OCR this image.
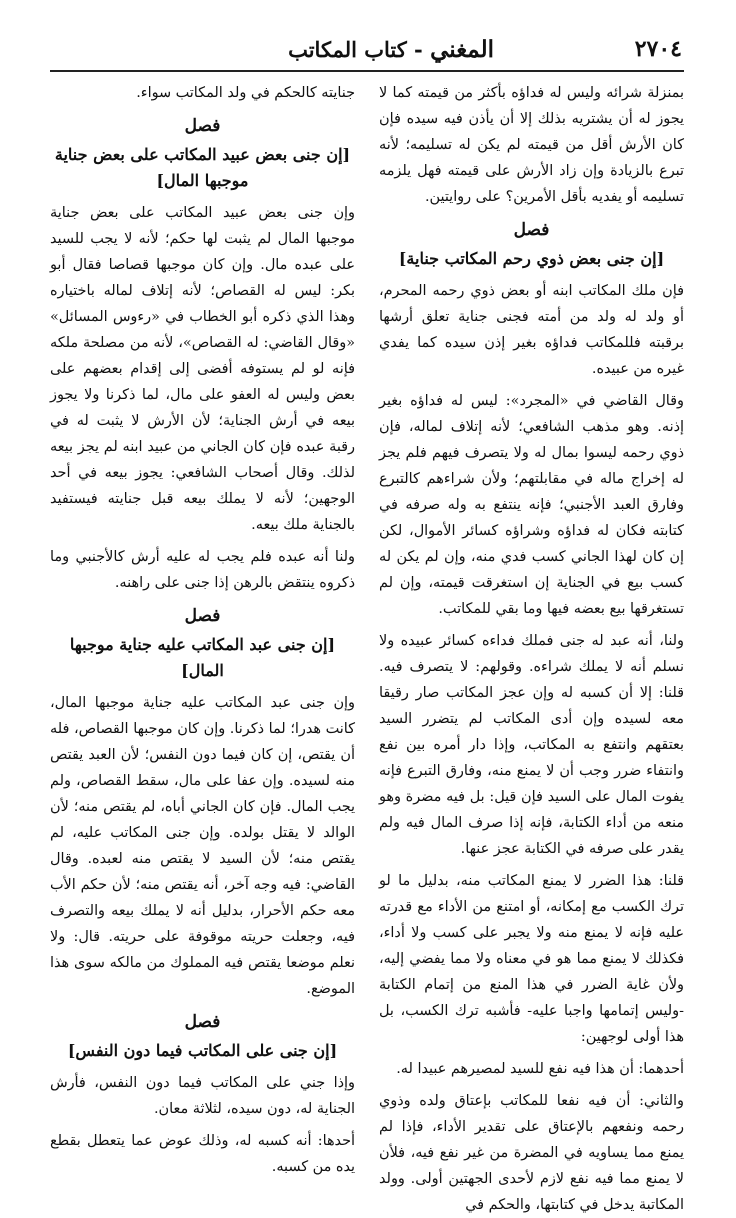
المغني - كتاب المكاتب	٢٧٠٤

بمنزلة شرائه وليس له فداؤه بأكثر من قيمته كما لا يجوز له أن يشتريه بذلك إلا أن يأذن فيه سيده فإن كان الأرش أقل من قيمته لم يكن له تسليمه؛ لأنه تبرع بالزيادة وإن زاد الأرش على قيمته فهل يلزمه تسليمه أو يفديه بأقل الأمرين؟ على روايتين.

فصل
[إن جنى بعض ذوي رحم المكاتب جناية]

فإن ملك المكاتب ابنه أو بعض ذوي رحمه المحرم، أو ولد له ولد من أمته فجنى جناية تعلق أرشها برقبته فللمكاتب فداؤه بغير إذن سيده كما يفدي غيره من عبيده.

وقال القاضي في «المجرد»: ليس له فداؤه بغير إذنه. وهو مذهب الشافعي؛ لأنه إتلاف لماله، فإن ذوي رحمه ليسوا بمال له ولا يتصرف فيهم فلم يجز له إخراج ماله في مقابلتهم؛ ولأن شراءهم كالتبرع وفارق العبد الأجنبي؛ فإنه ينتفع به وله صرفه في كتابته فكان له فداؤه وشراؤه كسائر الأموال، لكن إن كان لهذا الجاني كسب فدي منه، وإن لم يكن له كسب بيع في الجناية إن استغرقت قيمته، وإن لم تستغرقها بيع بعضه فيها وما بقي للمكاتب.

ولنا، أنه عبد له جنى فملك فداءه كسائر عبيده ولا نسلم أنه لا يملك شراءه. وقولهم: لا يتصرف فيه. قلنا: إلا أن كسبه له وإن عجز المكاتب صار رقيقا معه لسيده وإن أدى المكاتب لم يتضرر السيد بعتقهم وانتفع به المكاتب، وإذا دار أمره بين نفع وانتفاء ضرر وجب أن لا يمنع منه، وفارق التبرع فإنه يفوت المال على السيد فإن قيل: بل فيه مضرة وهو منعه من أداء الكتابة، فإنه إذا صرف المال فيه ولم يقدر على صرفه في الكتابة عجز عنها.

قلنا: هذا الضرر لا يمنع المكاتب منه، بدليل ما لو ترك الكسب مع إمكانه، أو امتنع من الأداء مع قدرته عليه فإنه لا يمنع منه ولا يجبر على كسب ولا أداء، فكذلك لا يمنع مما هو في معناه ولا مما يفضي إليه، ولأن غاية الضرر في هذا المنع من إتمام الكتابة -وليس إتمامها واجبا عليه- فأشبه ترك الكسب، بل هذا أولى لوجهين:

أحدهما: أن هذا فيه نفع للسيد لمصيرهم عبيدا له.

والثاني: أن فيه نفعا للمكاتب بإعتاق ولده وذوي رحمه ونفعهم بالإعتاق على تقدير الأداء، فإذا لم يمنع مما يساويه في المضرة من غير نفع فيه، فلأن لا يمنع مما فيه نفع لازم لأحدى الجهتين أولى. وولد المكاتبة يدخل في كتابتها، والحكم في

جنايته كالحكم في ولد المكاتب سواء.

فصل
[إن جنى بعض عبيد المكاتب على بعض جناية موجبها المال]

وإن جنى بعض عبيد المكاتب على بعض جناية موجبها المال لم يثبت لها حكم؛ لأنه لا يجب للسيد على عبده مال. وإن كان موجبها قصاصا فقال أبو بكر: ليس له القصاص؛ لأنه إتلاف لماله باختياره وهذا الذي ذكره أبو الخطاب في «رءوس المسائل» «وقال القاضي: له القصاص»، لأنه من مصلحة ملكه فإنه لو لم يستوفه أفضى إلى إقدام بعضهم على بعض وليس له العفو على مال، لما ذكرنا ولا يجوز بيعه في أرش الجناية؛ لأن الأرش لا يثبت له في رقبة عبده فإن كان الجاني من عبيد ابنه لم يجز بيعه لذلك. وقال أصحاب الشافعي: يجوز بيعه في أحد الوجهين؛ لأنه لا يملك بيعه قبل جنايته فيستفيد بالجناية ملك بيعه.

ولنا أنه عبده فلم يجب له عليه أرش كالأجنبي وما ذكروه ينتقض بالرهن إذا جنى على راهنه.

فصل
[إن جنى عبد المكاتب عليه جناية موجبها المال]

وإن جنى عبد المكاتب عليه جناية موجبها المال، كانت هدرا؛ لما ذكرنا. وإن كان موجبها القصاص، فله أن يقتص، إن كان فيما دون النفس؛ لأن العبد يقتص منه لسيده. وإن عفا على مال، سقط القصاص، ولم يجب المال. فإن كان الجاني أباه، لم يقتص منه؛ لأن الوالد لا يقتل بولده. وإن جنى المكاتب عليه، لم يقتص منه؛ لأن السيد لا يقتص منه لعبده. وقال القاضي: فيه وجه آخر، أنه يقتص منه؛ لأن حكم الأب معه حكم الأحرار، بدليل أنه لا يملك بيعه والتصرف فيه، وجعلت حريته موقوفة على حريته. قال: ولا نعلم موضعا يقتص فيه المملوك من مالكه سوى هذا الموضع.

فصل
[إن جنى على المكاتب فيما دون النفس]

وإذا جني على المكاتب فيما دون النفس، فأرش الجناية له، دون سيده، لثلاثة معان.

أحدها: أنه كسبه له، وذلك عوض عما يتعطل بقطع يده من كسبه.
